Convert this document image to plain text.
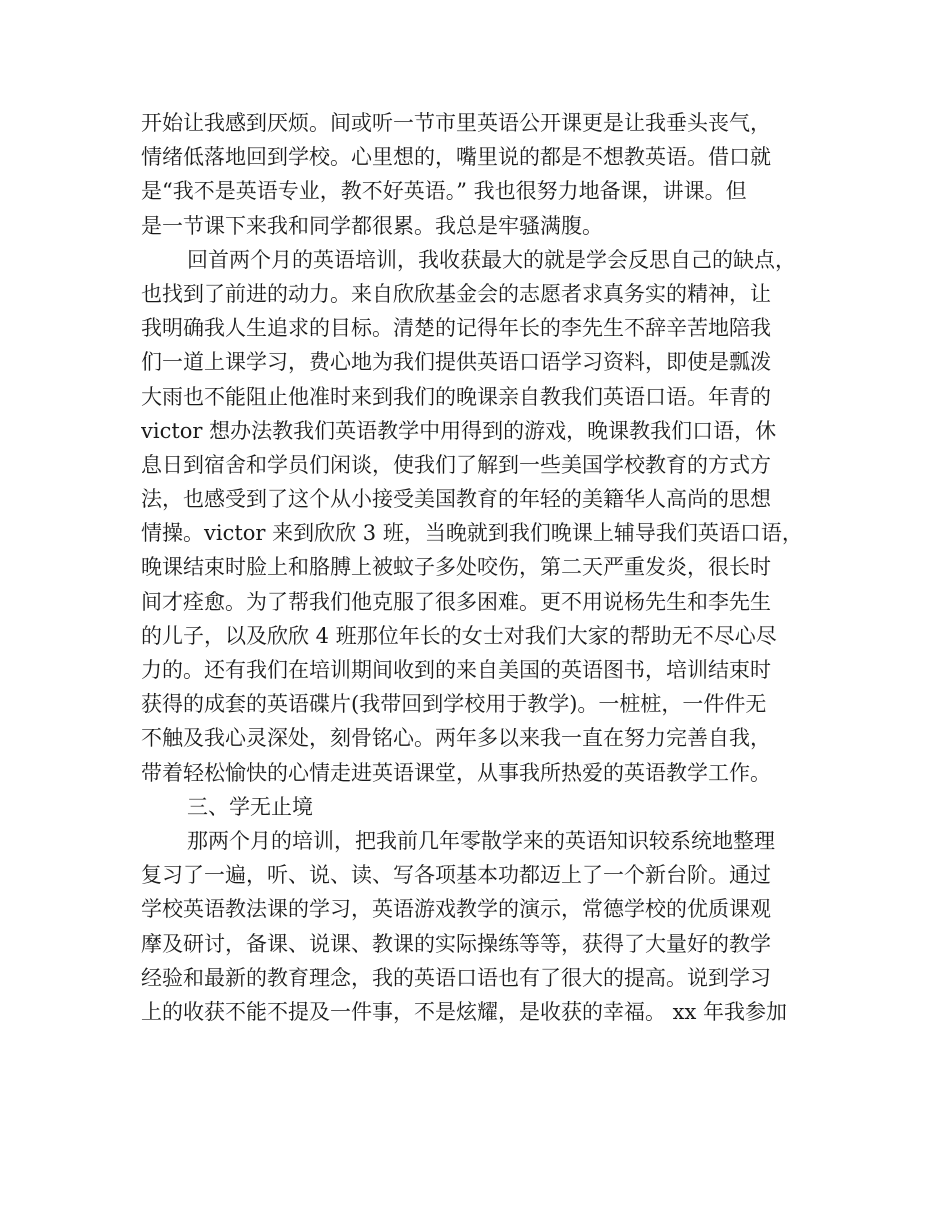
开始让我感到厌烦。间或听一节市里英语公开课更是让我垂头丧气，
情绪低落地回到学校。心里想的，嘴里说的都是不想教英语。借口就
是“我不是英语专业，教不好英语。” 我也很努力地备课，讲课。但
是一节课下来我和同学都很累。我总是牢骚满腹。
回首两个月的英语培训，我收获最大的就是学会反思自己的缺点，
也找到了前进的动力。来自欣欣基金会的志愿者求真务实的精神，让
我明确我人生追求的目标。清楚的记得年长的李先生不辞辛苦地陪我
们一道上课学习，费心地为我们提供英语口语学习资料，即使是瓢泼
大雨也不能阻止他准时来到我们的晚课亲自教我们英语口语。年青的
victor 想办法教我们英语教学中用得到的游戏，晚课教我们口语，休
息日到宿舍和学员们闲谈，使我们了解到一些美国学校教育的方式方
法，也感受到了这个从小接受美国教育的年轻的美籍华人高尚的思想
情操。victor 来到欣欣 3 班，当晚就到我们晚课上辅导我们英语口语，
晚课结束时脸上和胳膊上被蚊子多处咬伤，第二天严重发炎，很长时
间才痊愈。为了帮我们他克服了很多困难。更不用说杨先生和李先生
的儿子，以及欣欣 4 班那位年长的女士对我们大家的帮助无不尽心尽
力的。还有我们在培训期间收到的来自美国的英语图书，培训结束时
获得的成套的英语碟片(我带回到学校用于教学)。一桩桩，一件件无
不触及我心灵深处，刻骨铭心。两年多以来我一直在努力完善自我，
带着轻松愉快的心情走进英语课堂，从事我所热爱的英语教学工作。
三、学无止境
那两个月的培训，把我前几年零散学来的英语知识较系统地整理
复习了一遍，听、说、读、写各项基本功都迈上了一个新台阶。通过
学校英语教法课的学习，英语游戏教学的演示，常德学校的优质课观
摩及研讨，备课、说课、教课的实际操练等等，获得了大量好的教学
经验和最新的教育理念，我的英语口语也有了很大的提高。说到学习
上的收获不能不提及一件事，不是炫耀，是收获的幸福。 xx 年我参加
